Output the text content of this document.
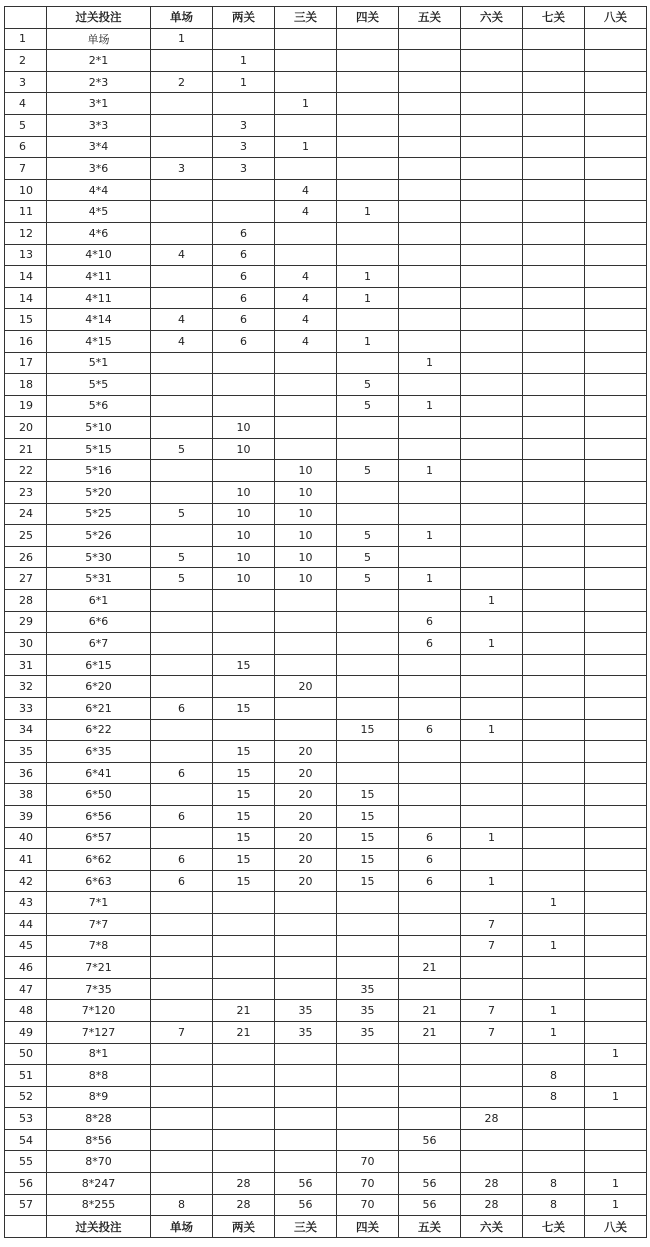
	过关投注	单场	两关	三关	四关	五关	六关	七关	八关
1	单场	1							
2	2*1		1						
3	2*3	2	1						
4	3*1			1					
5	3*3		3						
6	3*4		3	1					
7	3*6	3	3						
10	4*4			4					
11	4*5			4	1				
12	4*6		6						
13	4*10	4	6						
14	4*11		6	4	1				
14	4*11		6	4	1				
15	4*14	4	6	4					
16	4*15	4	6	4	1				
17	5*1					1			
18	5*5				5				
19	5*6				5	1			
20	5*10		10						
21	5*15	5	10						
22	5*16			10	5	1			
23	5*20		10	10					
24	5*25	5	10	10					
25	5*26		10	10	5	1			
26	5*30	5	10	10	5				
27	5*31	5	10	10	5	1			
28	6*1						1		
29	6*6					6			
30	6*7					6	1		
31	6*15		15						
32	6*20			20					
33	6*21	6	15						
34	6*22				15	6	1		
35	6*35		15	20					
36	6*41	6	15	20					
38	6*50		15	20	15				
39	6*56	6	15	20	15				
40	6*57		15	20	15	6	1		
41	6*62	6	15	20	15	6			
42	6*63	6	15	20	15	6	1		
43	7*1							1	
44	7*7						7		
45	7*8						7	1	
46	7*21					21			
47	7*35				35				
48	7*120		21	35	35	21	7	1	
49	7*127	7	21	35	35	21	7	1	
50	8*1								1
51	8*8							8	
52	8*9							8	1
53	8*28						28		
54	8*56					56			
55	8*70				70				
56	8*247		28	56	70	56	28	8	1
57	8*255	8	28	56	70	56	28	8	1
	过关投注	单场	两关	三关	四关	五关	六关	七关	八关
